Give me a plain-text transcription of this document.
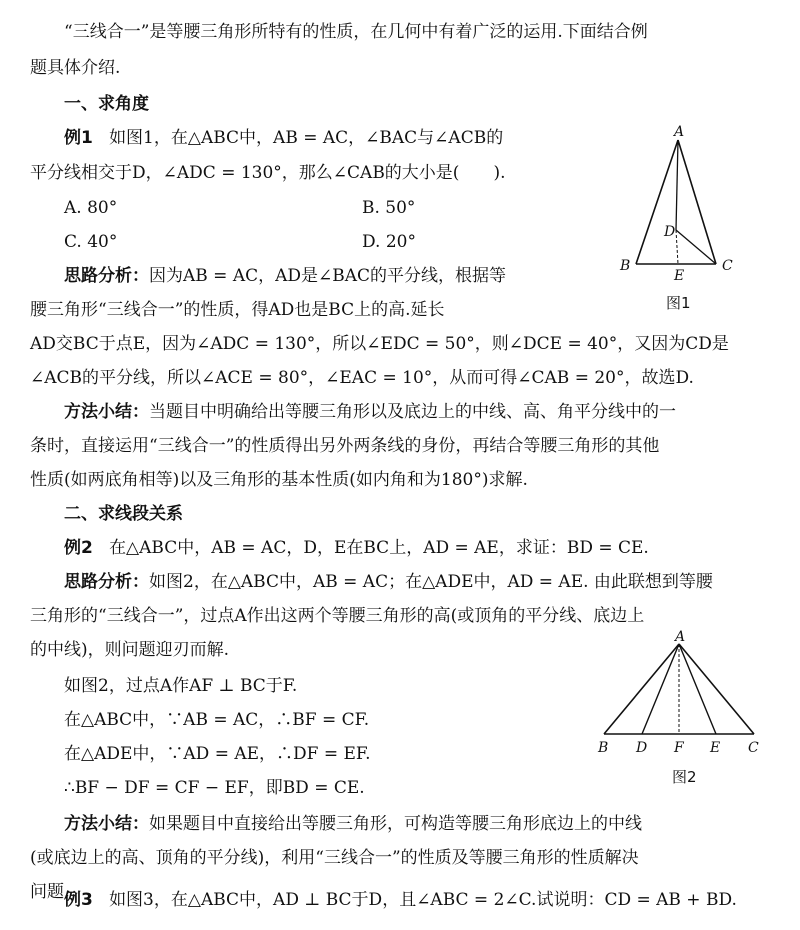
“三线合一”是等腰三角形所特有的性质，在几何中有着广泛的运用.下面结合例
题具体介绍.
一、求角度
例1 如图1，在△ABC中，AB = AC，∠BAC与∠ACB的
平分线相交于D，∠ADC = 130°，那么∠CAB的大小是(　　).
A. 80°	B. 50°
C. 40°	D. 20°
思路分析：因为AB = AC，AD是∠BAC的平分线，根据等
腰三角形“三线合一”的性质，得AD也是BC上的高.延长
AD交BC于点E，因为∠ADC = 130°，所以∠EDC = 50°，则∠DCE = 40°，又因为CD是
∠ACB的平分线，所以∠ACE = 80°，∠EAC = 10°，从而可得∠CAB = 20°，故选D.
方法小结：当题目中明确给出等腰三角形以及底边上的中线、高、角平分线中的一
条时，直接运用“三线合一”的性质得出另外两条线的身份，再结合等腰三角形的其他
性质(如两底角相等)以及三角形的基本性质(如内角和为180°)求解.
A
B	C
D
E
图1
二、求线段关系
例2 在△ABC中，AB = AC，D，E在BC上，AD = AE，求证：BD = CE.
思路分析：如图2，在△ABC中，AB = AC；在△ADE中，AD = AE. 由此联想到等腰
三角形的“三线合一”，过点A作出这两个等腰三角形的高(或顶角的平分线、底边上
的中线)，则问题迎刃而解.
如图2，过点A作AF ⊥ BC于F.
在△ABC中，∵AB = AC，∴BF = CF.
在△ADE中，∵AD = AE，∴DF = EF.
∴BF − DF = CF − EF，即BD = CE.
方法小结：如果题目中直接给出等腰三角形，可构造等腰三角形底边上的中线
(或底边上的高、顶角的平分线)，利用“三线合一”的性质及等腰三角形的性质解决
问题.
A
B D F E C
图2
例3 如图3，在△ABC中，AD ⊥ BC于D，且∠ABC = 2∠C.试说明：CD = AB + BD.
